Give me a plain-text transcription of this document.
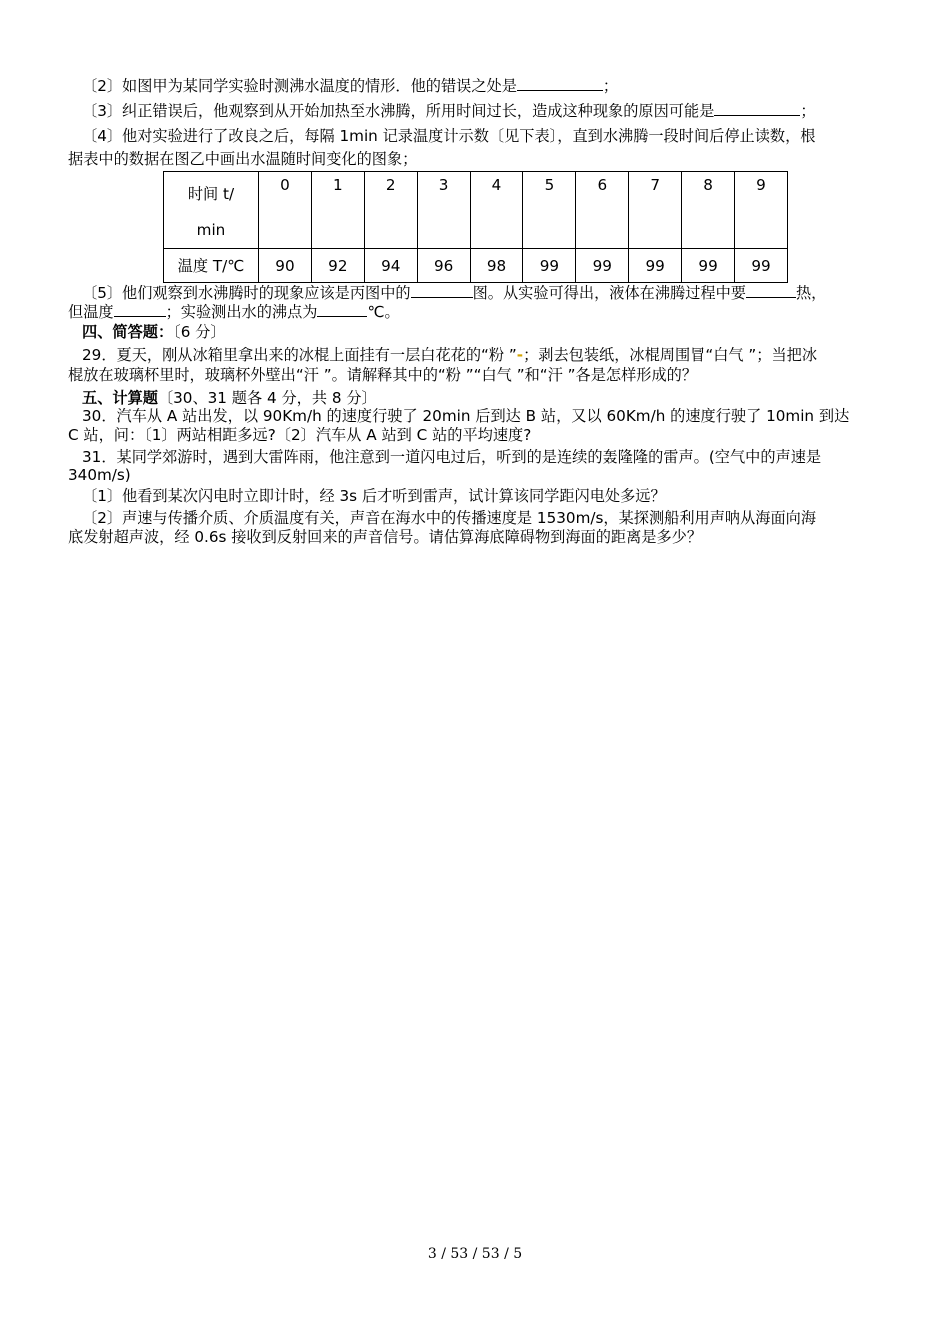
〔2〕如图甲为某同学实验时测沸水温度的情形．他的错误之处是	；
〔3〕纠正错误后，他观察到从开始加热至水沸腾，所用时间过长，造成这种现象的原因可能是	；
〔4〕他对实验进行了改良之后，每隔 1min 记录温度计示数〔见下表〕，直到水沸腾一段时间后停止读数，根
据表中的数据在图乙中画出水温随时间变化的图象；
时间 t/
min	0	1	2	3	4	5	6	7	8	9
温度 T/℃	90	92	94	96	98	99	99	99	99	99
〔5〕他们观察到水沸腾时的现象应该是丙图中的	图。从实验可得出，液体在沸腾过程中要	热，
但温度	；实验测出水的沸点为	℃。
四、简答题：〔6 分〕
29．夏天，刚从冰箱里拿出来的冰棍上面挂有一层白花花的“粉 ”-；剥去包装纸，冰棍周围冒“白气 ”；当把冰
棍放在玻璃杯里时，玻璃杯外壁出“汗 ”。请解释其中的“粉 ”“白气 ”和“汗 ”各是怎样形成的？
五、计算题〔30、31 题各 4 分，共 8 分〕
30．汽车从 A 站出发，以 90Km/h 的速度行驶了 20min 后到达 B 站，又以 60Km/h 的速度行驶了 10min 到达
C 站，问：〔1〕两站相距多远?〔2〕汽车从 A 站到 C 站的平均速度?
31．某同学郊游时，遇到大雷阵雨，他注意到一道闪电过后，听到的是连续的轰隆隆的雷声。(空气中的声速是
340m/s)
〔1〕他看到某次闪电时立即计时，经 3s 后才听到雷声，试计算该同学距闪电处多远？
〔2〕声速与传播介质、介质温度有关，声音在海水中的传播速度是 1530m/s，某探测船利用声呐从海面向海
底发射超声波，经 0.6s 接收到反射回来的声音信号。请估算海底障碍物到海面的距离是多少？
3 / 53 / 53 / 5
